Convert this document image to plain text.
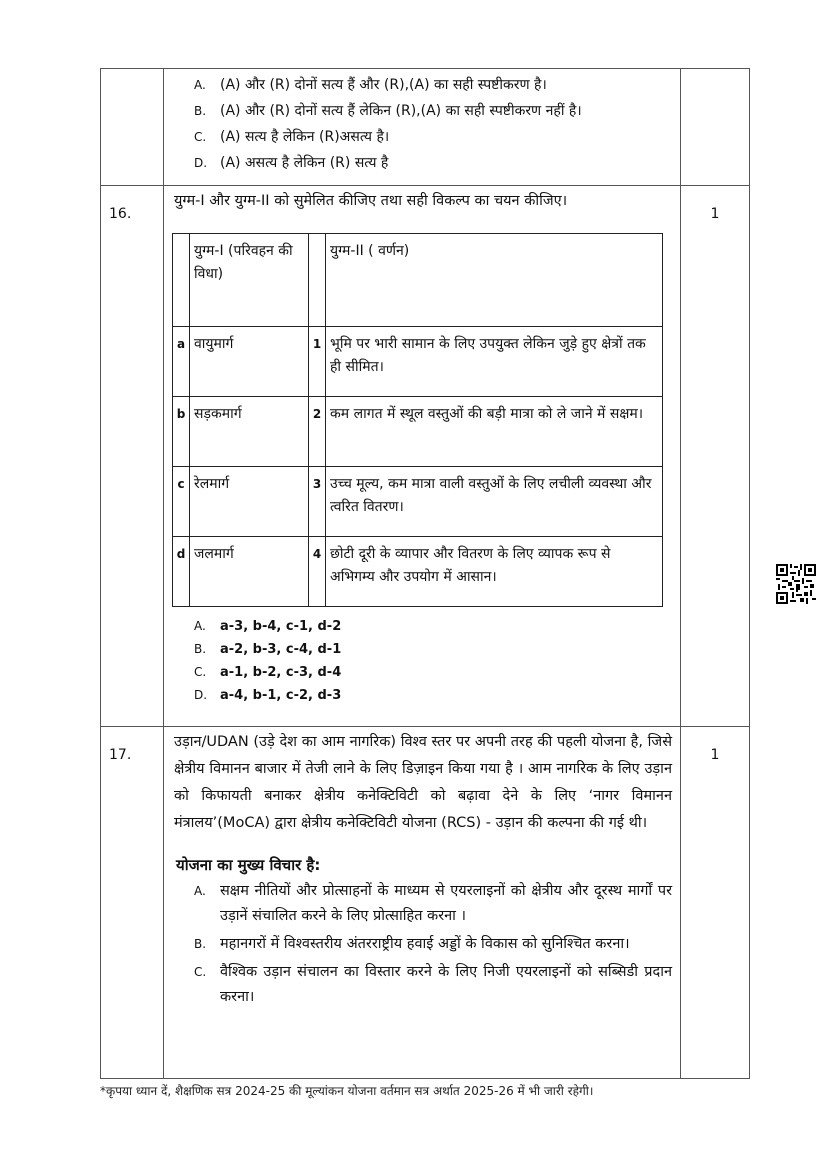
A. (A) और (R) दोनों सत्य हैं और (R),(A) का सही स्पष्टीकरण है।
B. (A) और (R) दोनों सत्य हैं लेकिन (R),(A) का सही स्पष्टीकरण नहीं है।
C. (A) सत्य है लेकिन (R)असत्य है।
D. (A) असत्य है लेकिन (R) सत्य है

16.

युग्म-I और युग्म-II को सुमेलित कीजिए तथा सही विकल्प का चयन कीजिए।

	युग्म-I (परिवहन की विधा)		युग्म-II ( वर्णन)
a	वायुमार्ग	1	भूमि पर भारी सामान के लिए उपयुक्त लेकिन जुड़े हुए क्षेत्रों तक ही सीमित।
b	सड़कमार्ग	2	कम लागत में स्थूल वस्तुओं की बड़ी मात्रा को ले जाने में सक्षम।
c	रेलमार्ग	3	उच्च मूल्य, कम मात्रा वाली वस्तुओं के लिए लचीली व्यवस्था और त्वरित वितरण।
d	जलमार्ग	4	छोटी दूरी के व्यापार और वितरण के लिए व्यापक रूप से अभिगम्य और उपयोग में आसान।
A. a-3, b-4, c-1, d-2
B. a-2, b-3, c-4, d-1
C. a-1, b-2, c-3, d-4
D. a-4, b-1, c-2, d-3

1

17.

उड़ान/UDAN (उड़े देश का आम नागरिक) विश्व स्तर पर अपनी तरह की पहली योजना है, जिसे क्षेत्रीय विमानन बाजार में तेजी लाने के लिए डिज़ाइन किया गया है । आम नागरिक के लिए उड़ान को किफायती बनाकर क्षेत्रीय कनेक्टिविटी को बढ़ावा देने के लिए ‘नागर विमानन मंत्रालय’(MoCA) द्वारा क्षेत्रीय कनेक्टिविटी योजना (RCS) - उड़ान की कल्पना की गई थी।

योजना का मुख्य विचार है:
A. सक्षम नीतियों और प्रोत्साहनों के माध्यम से एयरलाइनों को क्षेत्रीय और दूरस्थ मार्गों पर उड़ानें संचालित करने के लिए प्रोत्साहित करना ।
B. महानगरों में विश्वस्तरीय अंतरराष्ट्रीय हवाई अड्डों के विकास को सुनिश्चित करना।
C. वैश्विक उड़ान संचालन का विस्तार करने के लिए निजी एयरलाइनों को सब्सिडी प्रदान करना।

1
*कृपया ध्यान दें, शैक्षणिक सत्र 2024-25 की मूल्यांकन योजना वर्तमान सत्र अर्थात 2025-26 में भी जारी रहेगी।
